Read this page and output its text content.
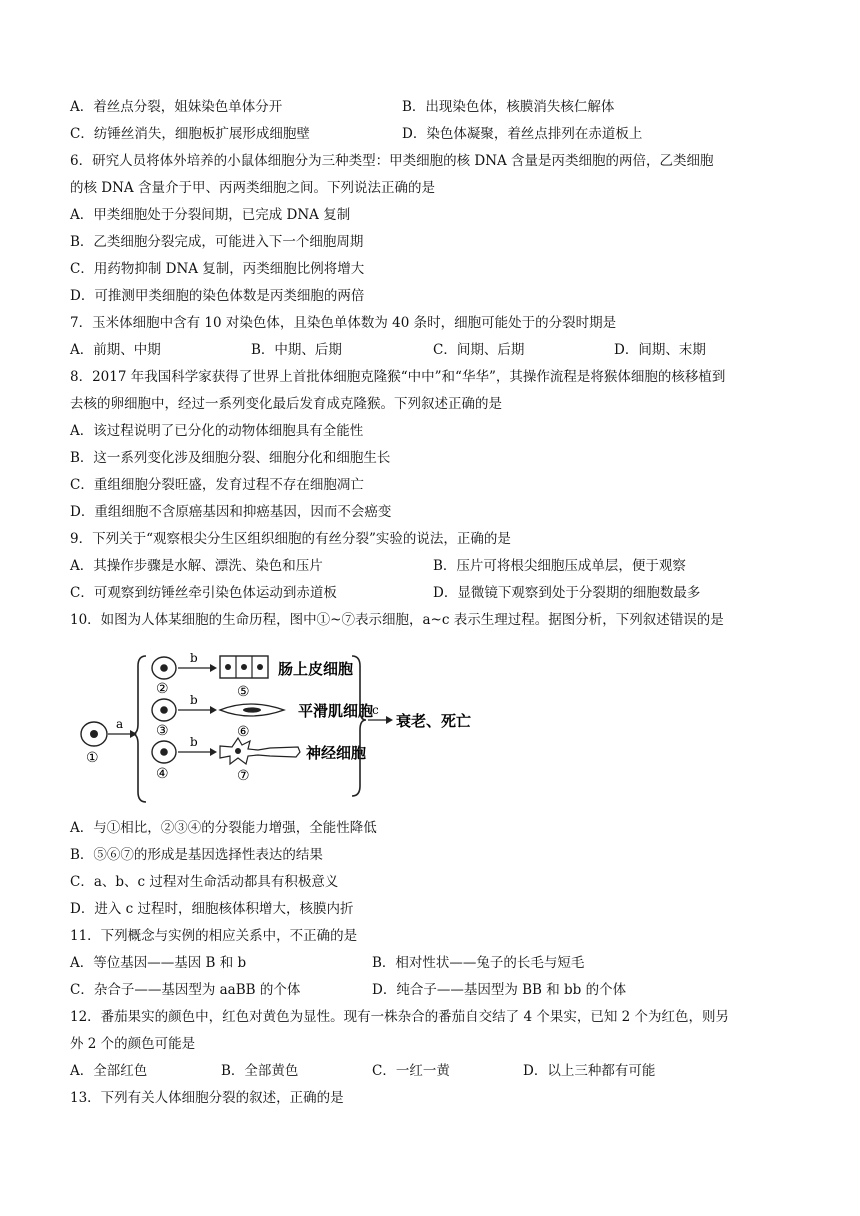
A．着丝点分裂，姐妹染色单体分开	B．出现染色体，核膜消失核仁解体
C．纺锤丝消失，细胞板扩展形成细胞壁	D．染色体凝聚，着丝点排列在赤道板上
6．研究人员将体外培养的小鼠体细胞分为三种类型：甲类细胞的核 DNA 含量是丙类细胞的两倍，乙类细胞
的核 DNA 含量介于甲、丙两类细胞之间。下列说法正确的是
A．甲类细胞处于分裂间期，已完成 DNA 复制
B．乙类细胞分裂完成，可能进入下一个细胞周期
C．用药物抑制 DNA 复制，丙类细胞比例将增大
D．可推测甲类细胞的染色体数是丙类细胞的两倍
7．玉米体细胞中含有 10 对染色体，且染色单体数为 40 条时，细胞可能处于的分裂时期是
A．前期、中期	B．中期、后期	C．间期、后期	D．间期、末期
8．2017 年我国科学家获得了世界上首批体细胞克隆猴“中中”和“华华”，其操作流程是将猴体细胞的核移植到
去核的卵细胞中，经过一系列变化最后发育成克隆猴。下列叙述正确的是
A．该过程说明了已分化的动物体细胞具有全能性
B．这一系列变化涉及细胞分裂、细胞分化和细胞生长
C．重组细胞分裂旺盛，发育过程不存在细胞凋亡
D．重组细胞不含原癌基因和抑癌基因，因而不会癌变
9．下列关于“观察根尖分生区组织细胞的有丝分裂”实验的说法，正确的是
A．其操作步骤是水解、漂洗、染色和压片	B．压片可将根尖细胞压成单层，便于观察
C．可观察到纺锤丝牵引染色体运动到赤道板	D．显微镜下观察到处于分裂期的细胞数最多
10．如图为人体某细胞的生命历程，图中①~⑦表示细胞，a~c 表示生理过程。据图分析，下列叙述错误的是
①
a
②
b
肠上皮细胞
⑤
③
b
平滑肌细胞
⑥
④
b
神经细胞
⑦
c
衰老、死亡
A．与①相比，②③④的分裂能力增强，全能性降低
B．⑤⑥⑦的形成是基因选择性表达的结果
C．a、b、c 过程对生命活动都具有积极意义
D．进入 c 过程时，细胞核体积增大，核膜内折
11．下列概念与实例的相应关系中，不正确的是
A．等位基因——基因 B 和 b	B．相对性状——兔子的长毛与短毛
C．杂合子——基因型为 aaBB 的个体	D．纯合子——基因型为 BB 和 bb 的个体
12．番茄果实的颜色中，红色对黄色为显性。现有一株杂合的番茄自交结了 4 个果实，已知 2 个为红色，则另
外 2 个的颜色可能是
A．全部红色	B．全部黄色	C．一红一黄	D．以上三种都有可能
13．下列有关人体细胞分裂的叙述，正确的是
